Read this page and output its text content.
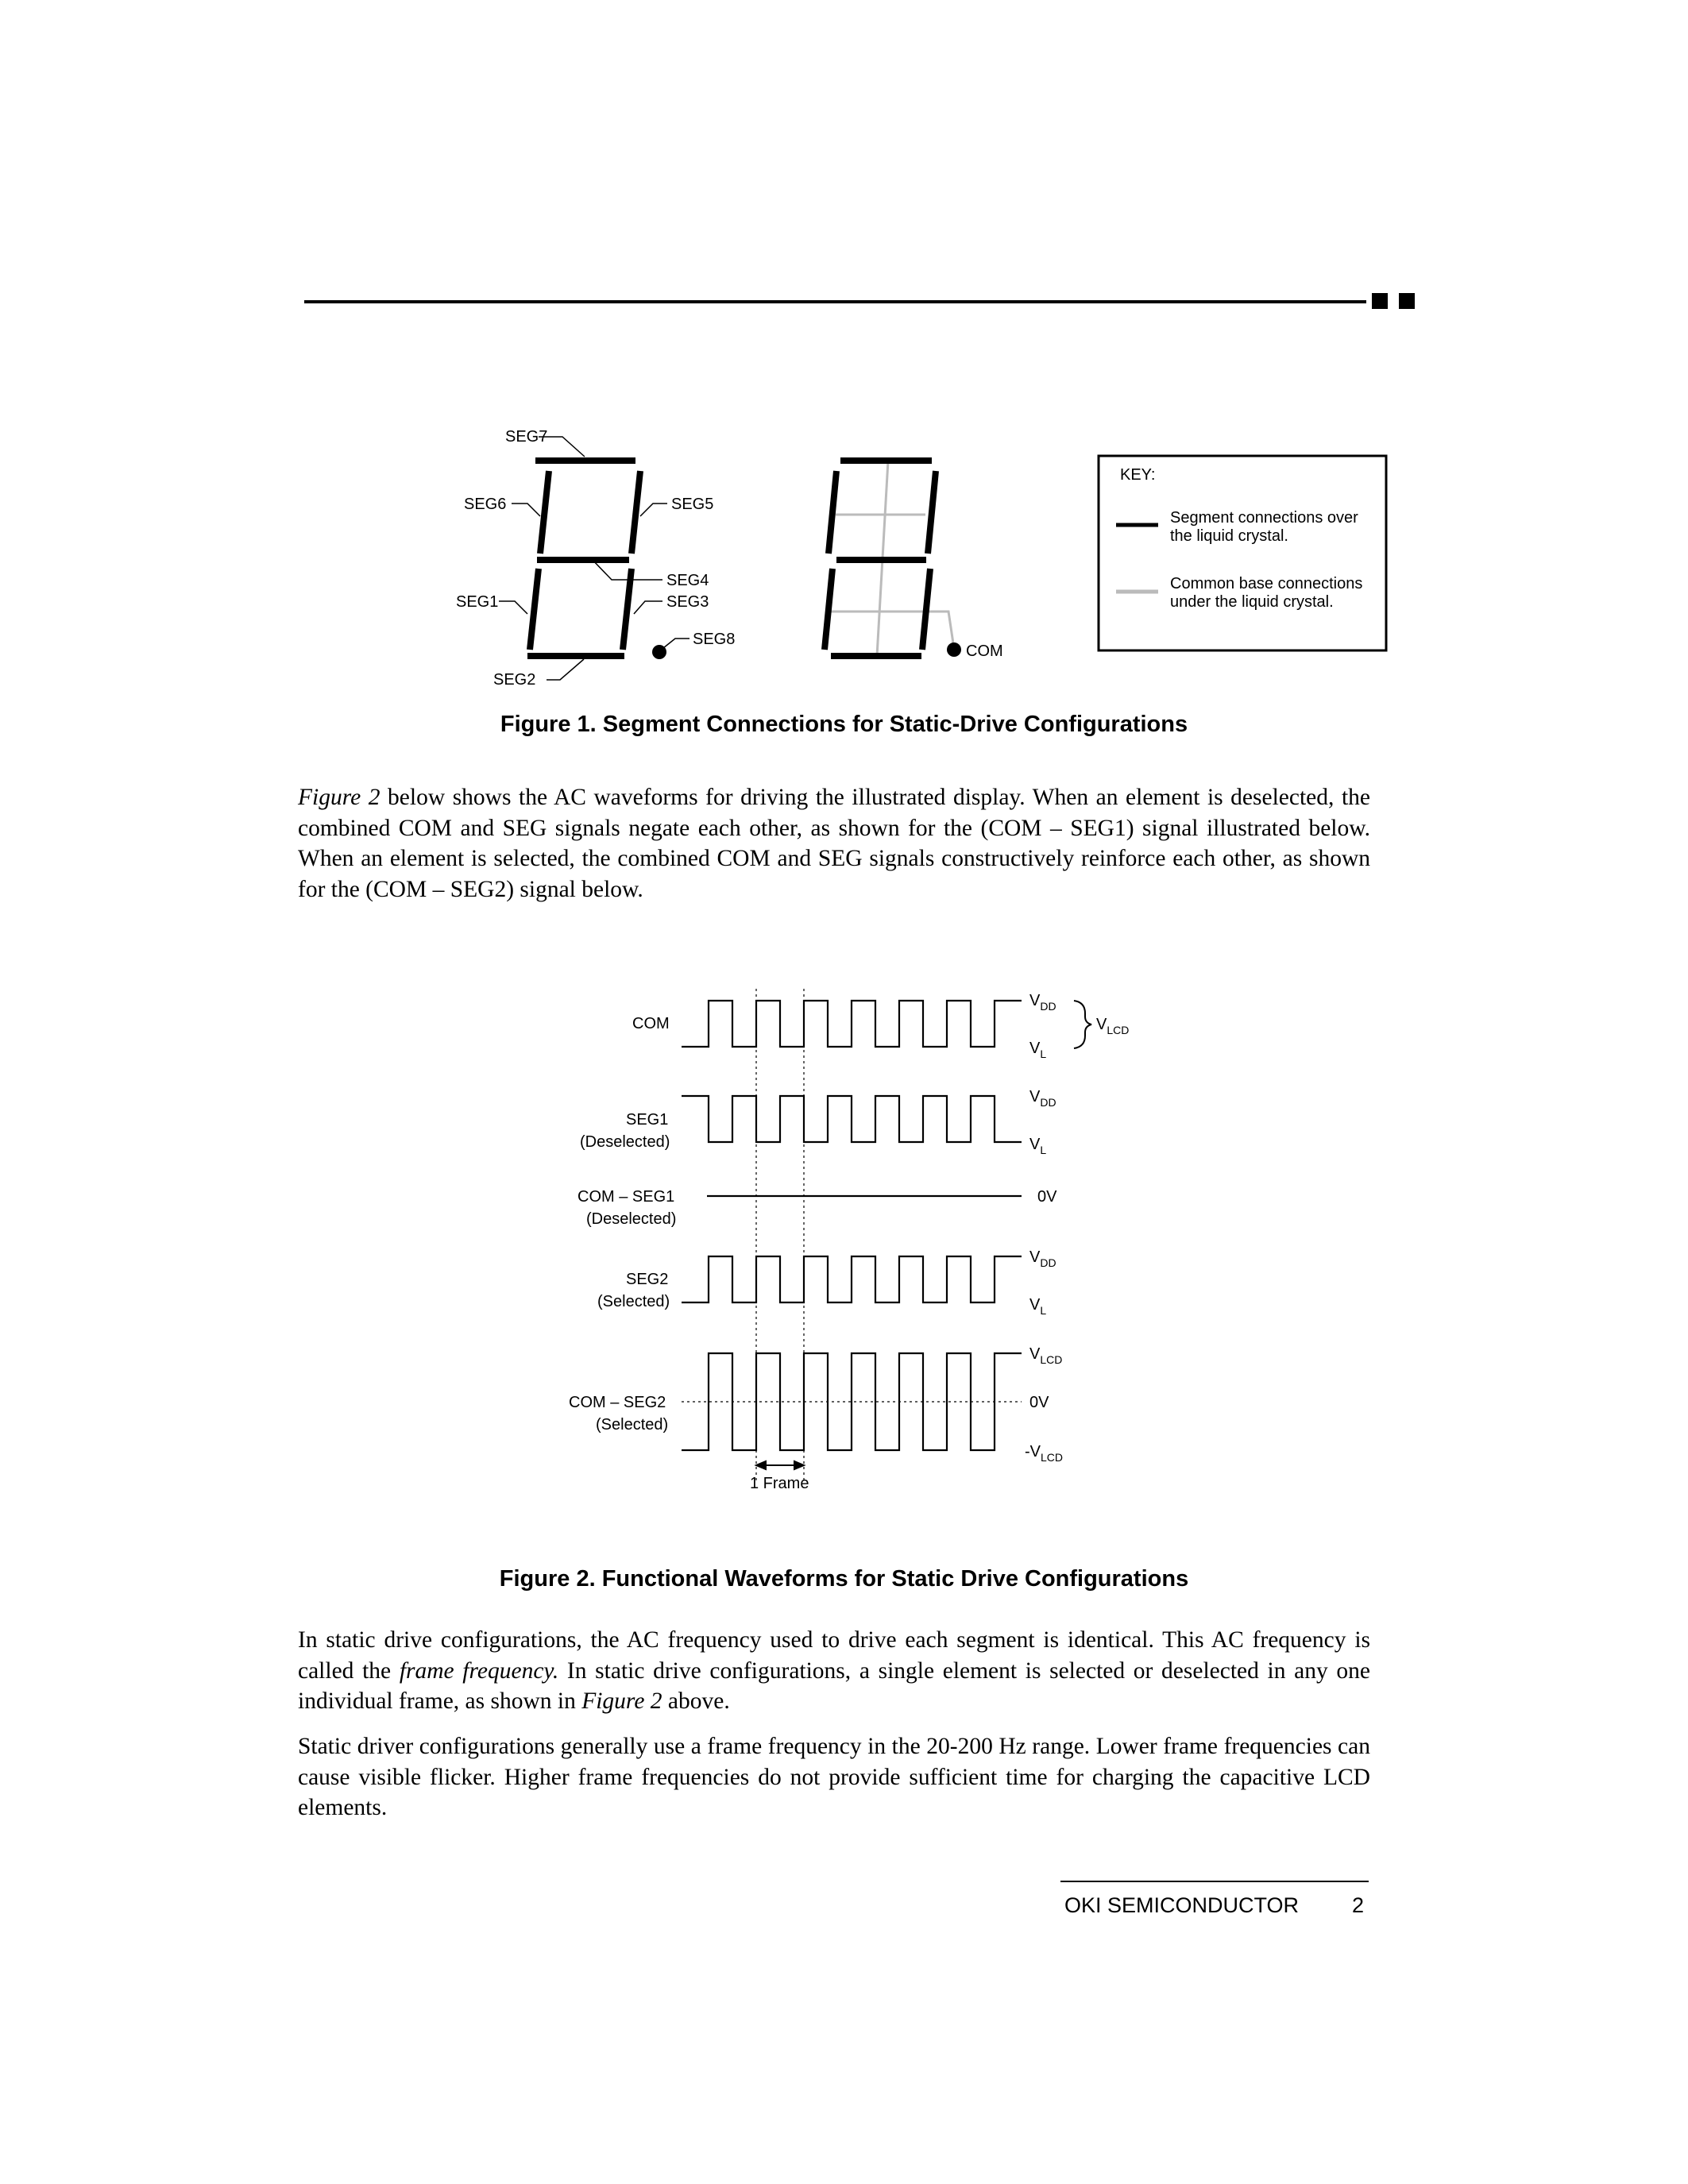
SEG7
SEG6	SEG5
SEG4
SEG1	SEG3
SEG8
SEG2
COM
KEY:
Segment connections over
the liquid crystal.
Common base connections
under the liquid crystal.
1 Frame
COM
SEG1
(Deselected)
COM – SEG1
(Deselected)
SEG2
(Selected)
COM – SEG2
(Selected)
$V_{DD}$
$V_L$
$V_{LCD}$
$V_{DD}$
$V_L$
0V
$V_{DD}$
$V_L$
$V_{LCD}$
0V
$-V_{LCD}$
Figure 1. Segment Connections for Static-Drive Configurations
Figure 2 below shows the AC waveforms for driving the illustrated display. When an element is deselected, the combined COM and SEG signals negate each other, as shown for the (COM – SEG1) signal illustrated below. When an element is selected, the combined COM and SEG signals constructively reinforce each other, as shown for the (COM – SEG2) signal below.
Figure 2. Functional Waveforms for Static Drive Configurations
In static drive configurations, the AC frequency used to drive each segment is identical. This AC frequency is called the frame frequency. In static drive configurations, a single element is selected or deselected in any one individual frame, as shown in Figure 2 above.
Static driver configurations generally use a frame frequency in the 20-200 Hz range. Lower frame frequencies can cause visible flicker. Higher frame frequencies do not provide sufficient time for charging the capacitive LCD elements.
OKI SEMICONDUCTOR 2
